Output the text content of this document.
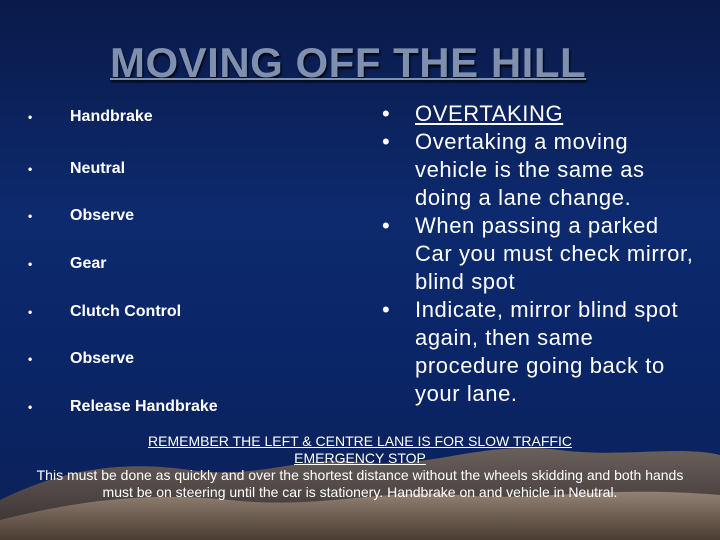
MOVING OFF THE HILL
• Handbrake
• Neutral
• Observe
• Gear
• Clutch Control
• Observe
• Release Handbrake
• OVERTAKING
• Overtaking a moving vehicle is the same as doing a lane change.
• When passing a parked Car you must check mirror, blind spot
• Indicate, mirror blind spot again, then same procedure going back to your lane.
REMEMBER THE LEFT & CENTRE LANE IS FOR SLOW TRAFFIC
EMERGENCY STOP
This must be done as quickly and over the shortest distance without the wheels skidding and both hands must be on steering until the car is stationery. Handbrake on and vehicle in Neutral.
